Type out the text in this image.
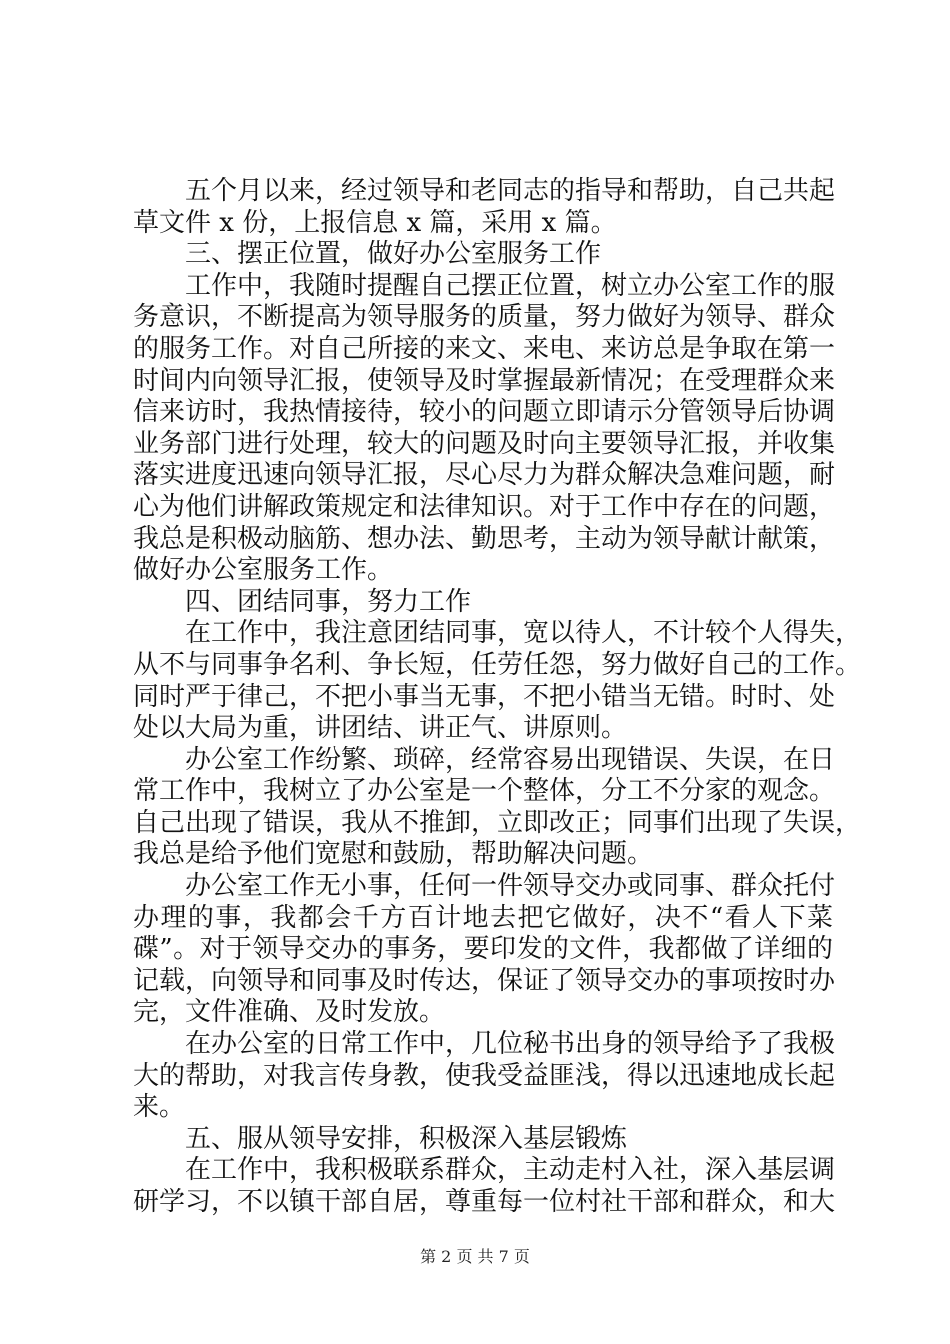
五个月以来，经过领导和老同志的指导和帮助，自己共起
草文件 x 份，上报信息 x 篇，采用 x 篇。
三、摆正位置，做好办公室服务工作
工作中，我随时提醒自己摆正位置，树立办公室工作的服
务意识，不断提高为领导服务的质量，努力做好为领导、群众
的服务工作。对自己所接的来文、来电、来访总是争取在第一
时间内向领导汇报，使领导及时掌握最新情况；在受理群众来
信来访时，我热情接待，较小的问题立即请示分管领导后协调
业务部门进行处理，较大的问题及时向主要领导汇报，并收集
落实进度迅速向领导汇报，尽心尽力为群众解决急难问题，耐
心为他们讲解政策规定和法律知识。对于工作中存在的问题，
我总是积极动脑筋、想办法、勤思考，主动为领导献计献策，
做好办公室服务工作。
四、团结同事，努力工作
在工作中，我注意团结同事，宽以待人，不计较个人得失，
从不与同事争名利、争长短，任劳任怨，努力做好自己的工作。
同时严于律己，不把小事当无事，不把小错当无错。时时、处
处以大局为重，讲团结、讲正气、讲原则。
办公室工作纷繁、琐碎，经常容易出现错误、失误，在日
常工作中，我树立了办公室是一个整体，分工不分家的观念。
自己出现了错误，我从不推卸，立即改正；同事们出现了失误，
我总是给予他们宽慰和鼓励，帮助解决问题。
办公室工作无小事，任何一件领导交办或同事、群众托付
办理的事，我都会千方百计地去把它做好，决不“看人下菜
碟”。对于领导交办的事务，要印发的文件，我都做了详细的
记载，向领导和同事及时传达，保证了领导交办的事项按时办
完，文件准确、及时发放。
在办公室的日常工作中，几位秘书出身的领导给予了我极
大的帮助，对我言传身教，使我受益匪浅，得以迅速地成长起
来。
五、服从领导安排，积极深入基层锻炼
在工作中，我积极联系群众，主动走村入社，深入基层调
研学习，不以镇干部自居，尊重每一位村社干部和群众，和大
第 2 页 共 7 页
